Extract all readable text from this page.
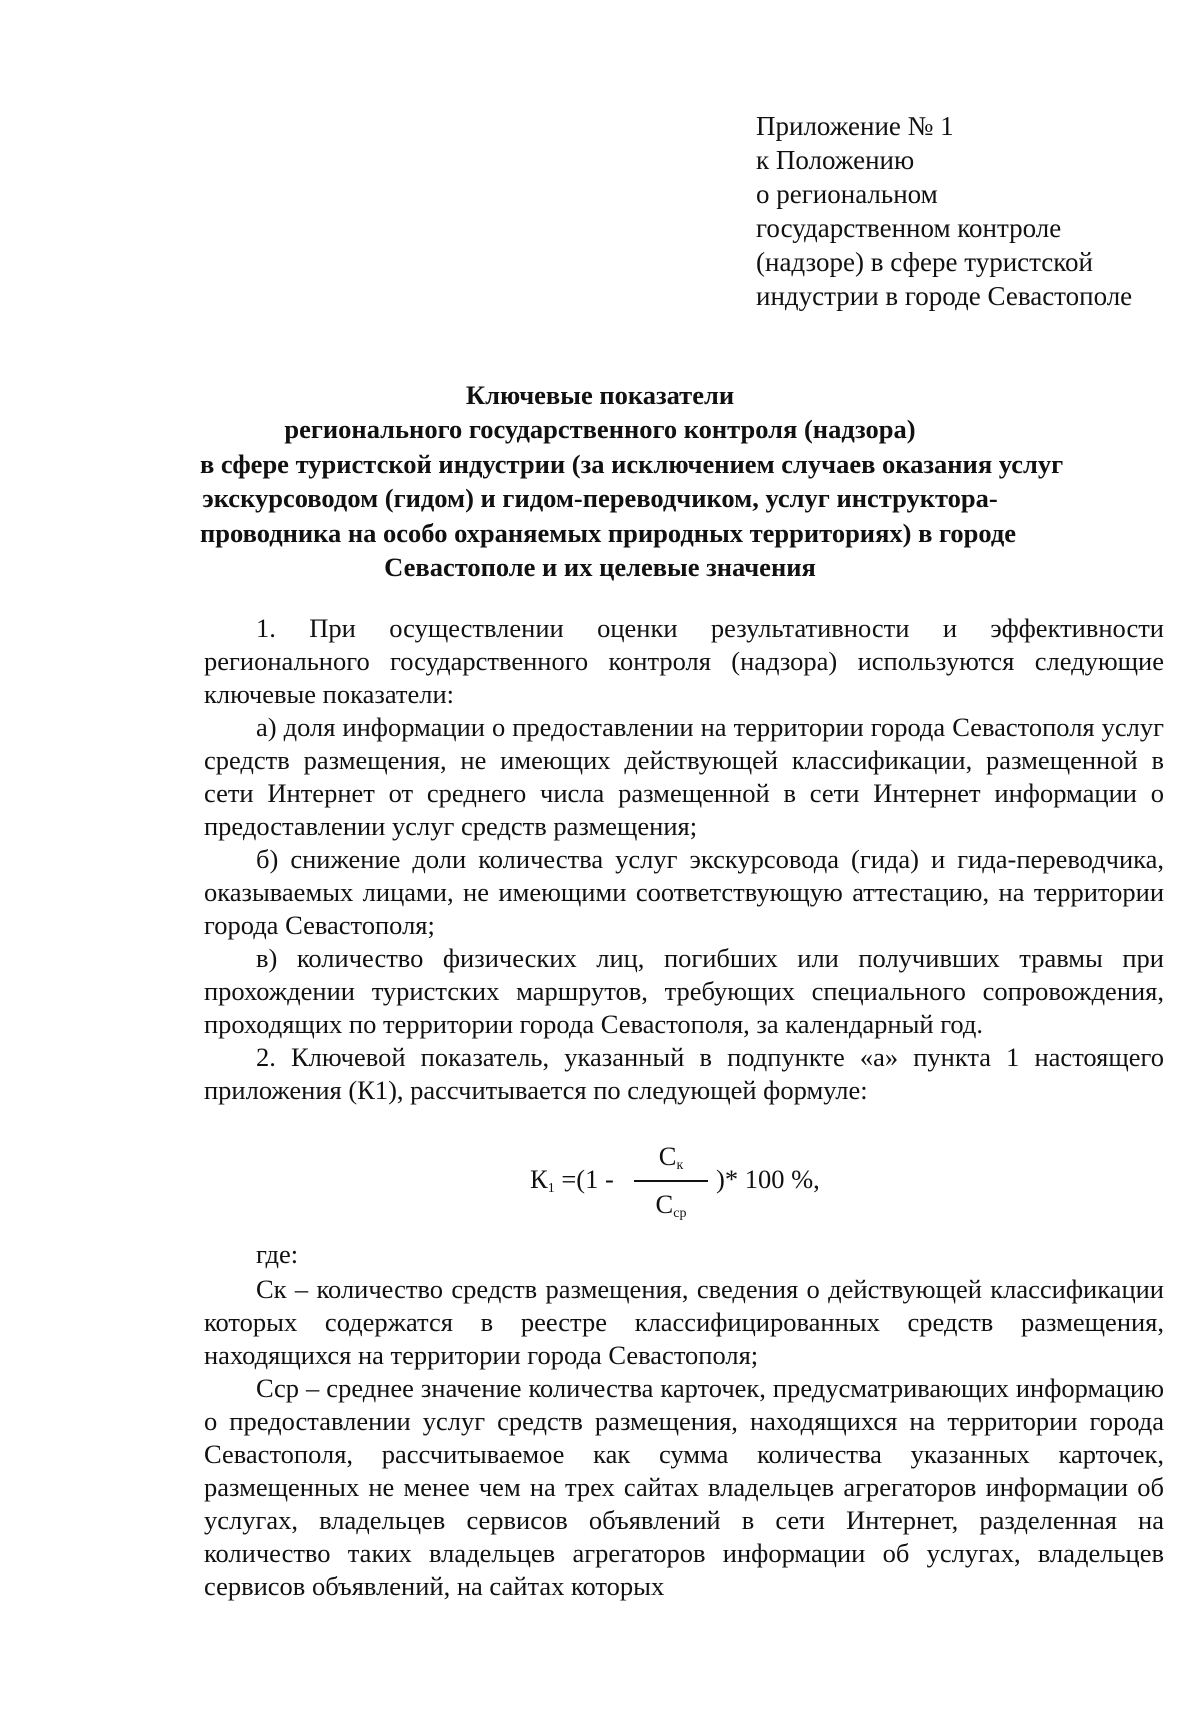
Приложение № 1
к Положению
о региональном
государственном контроле
(надзоре) в сфере туристской
индустрии в городе Севастополе
Ключевые показатели
регионального государственного контроля (надзора)
в сфере туристской индустрии (за исключением случаев оказания услуг
экскурсоводом (гидом) и гидом-переводчиком, услуг инструктора-
проводника на особо охраняемых природных территориях) в городе
Севастополе и их целевые значения

1. При осуществлении оценки результативности и эффективности регионального государственного контроля (надзора) используются следующие ключевые показатели:

а) доля информации о предоставлении на территории города Севастополя услуг средств размещения, не имеющих действующей классификации, размещенной в сети Интернет от среднего числа размещенной в сети Интернет информации о предоставлении услуг средств размещения;

б) снижение доли количества услуг экскурсовода (гида) и гида-переводчика, оказываемых лицами, не имеющими соответствующую аттестацию, на территории города Севастополя;

в) количество физических лиц, погибших или получивших травмы при прохождении туристских маршрутов, требующих специального сопровождения, проходящих по территории города Севастополя, за календарный год.

2. Ключевой показатель, указанный в подпункте «а» пункта 1 настоящего приложения (К1), рассчитывается по следующей формуле:

$К_1 =(1$ -
$С_к$
$С_{ср}$
)* 100 %,

где:

Ск – количество средств размещения, сведения о действующей классификации которых содержатся в реестре классифицированных средств размещения, находящихся на территории города Севастополя;

Сср – среднее значение количества карточек, предусматривающих информацию о предоставлении услуг средств размещения, находящихся на территории города Севастополя, рассчитываемое как сумма количества указанных карточек, размещенных не менее чем на трех сайтах владельцев агрегаторов информации об услугах, владельцев сервисов объявлений в сети Интернет, разделенная на количество таких владельцев агрегаторов информации об услугах, владельцев сервисов объявлений, на сайтах которых
